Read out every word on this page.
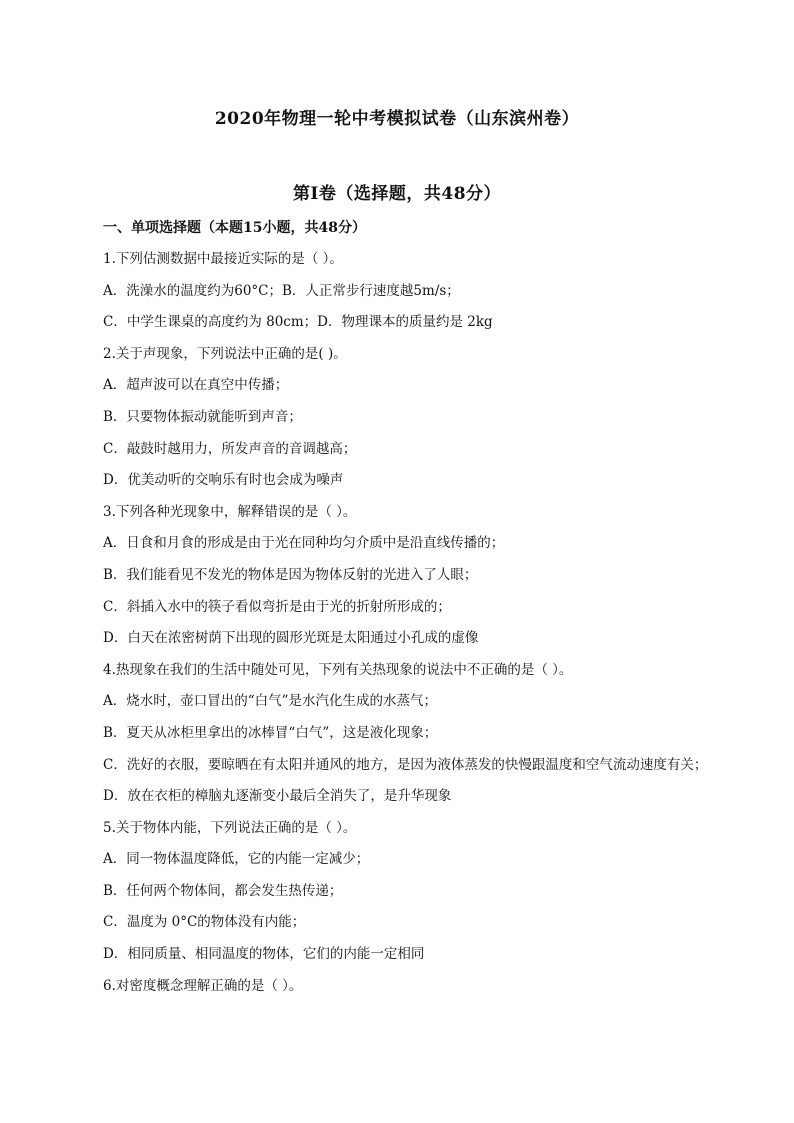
2020年物理一轮中考模拟试卷（山东滨州卷）
第Ⅰ卷（选择题，共48分）
一、单项选择题（本题15小题，共48分）
1.下列估测数据中最接近实际的是（ ）。
A．洗澡水的温度约为60°C；B．人正常步行速度越5m/s；
C．中学生课桌的高度约为 80cm；D．物理课本的质量约是 2kg
2.关于声现象，下列说法中正确的是( )。
A．超声波可以在真空中传播；
B．只要物体振动就能听到声音；
C．敲鼓时越用力，所发声音的音调越高；
D．优美动听的交响乐有时也会成为噪声
3.下列各种光现象中，解释错误的是（ ）。
A．日食和月食的形成是由于光在同种均匀介质中是沿直线传播的；
B．我们能看见不发光的物体是因为物体反射的光进入了人眼；
C．斜插入水中的筷子看似弯折是由于光的折射所形成的；
D．白天在浓密树荫下出现的圆形光斑是太阳通过小孔成的虚像
4.热现象在我们的生活中随处可见，下列有关热现象的说法中不正确的是（ ）。
A．烧水时，壶口冒出的“白气”是水汽化生成的水蒸气；
B．夏天从冰柜里拿出的冰棒冒“白气”，这是液化现象；
C．洗好的衣服，要晾晒在有太阳并通风的地方，是因为液体蒸发的快慢跟温度和空气流动速度有关；
D．放在衣柜的樟脑丸逐渐变小最后全消失了，是升华现象
5.关于物体内能，下列说法正确的是（ ）。
A．同一物体温度降低，它的内能一定减少；
B．任何两个物体间，都会发生热传递；
C．温度为 0°C的物体没有内能；
D．相同质量、相同温度的物体，它们的内能一定相同
6.对密度概念理解正确的是（ ）。
